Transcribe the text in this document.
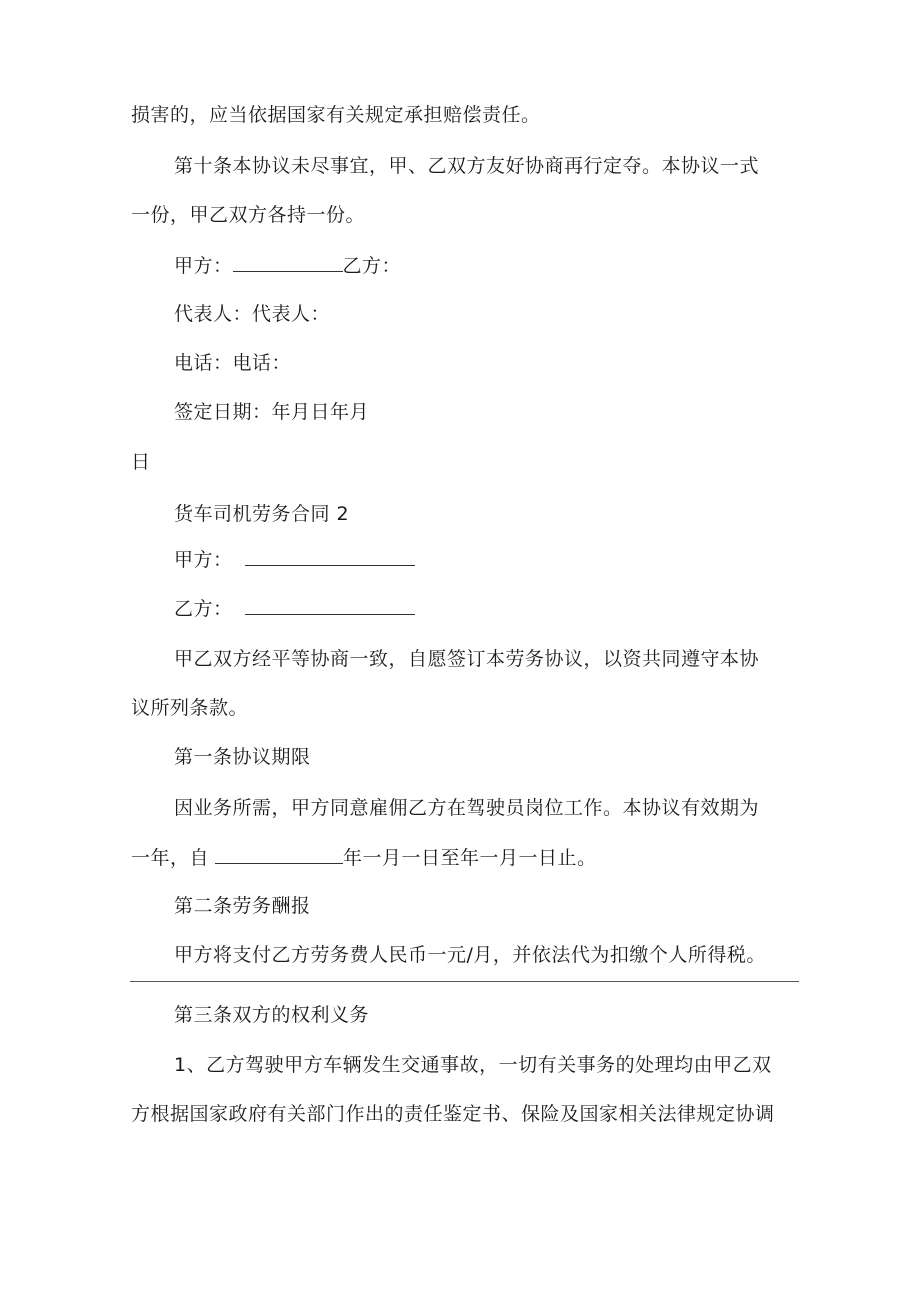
损害的，应当依据国家有关规定承担赔偿责任。
第十条本协议未尽事宜，甲、乙双方友好协商再行定夺。本协议一式
一份，甲乙双方各持一份。
甲方：	乙方：
代表人：代表人：
电话：电话：
签定日期：年月日年月
日
货车司机劳务合同 2
甲方：
乙方：
甲乙双方经平等协商一致，自愿签订本劳务协议，以资共同遵守本协
议所列条款。
第一条协议期限
因业务所需，甲方同意雇佣乙方在驾驶员岗位工作。本协议有效期为
一年，自	年一月一日至年一月一日止。
第二条劳务酬报
甲方将支付乙方劳务费人民币一元/月，并依法代为扣缴个人所得税。
第三条双方的权利义务
1、乙方驾驶甲方车辆发生交通事故，一切有关事务的处理均由甲乙双
方根据国家政府有关部门作出的责任鉴定书、保险及国家相关法律规定协调
